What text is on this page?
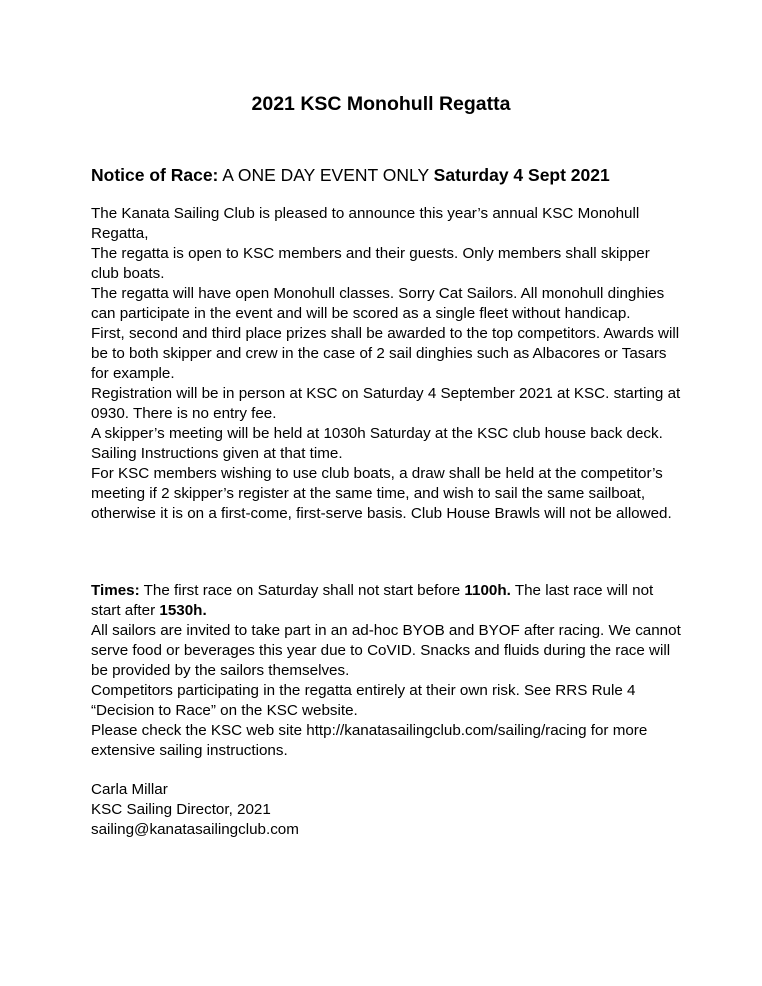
2021 KSC Monohull Regatta

Notice of Race: A ONE DAY EVENT ONLY Saturday 4 Sept 2021

The Kanata Sailing Club is pleased to announce this year’s annual KSC Monohull Regatta,

The regatta is open to KSC members and their guests. Only members shall skipper club boats.

The regatta will have open Monohull classes. Sorry Cat Sailors. All monohull dinghies can participate in the event and will be scored as a single fleet without handicap.

First, second and third place prizes shall be awarded to the top competitors. Awards will be to both skipper and crew in the case of 2 sail dinghies such as Albacores or Tasars for example.

Registration will be in person at KSC on Saturday 4 September 2021 at KSC. starting at 0930. There is no entry fee.

A skipper’s meeting will be held at 1030h Saturday at the KSC club house back deck. Sailing Instructions given at that time.

For KSC members wishing to use club boats, a draw shall be held at the competitor’s meeting if 2 skipper’s register at the same time, and wish to sail the same sailboat, otherwise it is on a first-come, first-serve basis. Club House Brawls will not be allowed.

Times: The first race on Saturday shall not start before 1100h. The last race will not start after 1530h.

All sailors are invited to take part in an ad-hoc BYOB and BYOF after racing. We cannot serve food or beverages this year due to CoVID. Snacks and fluids during the race will be provided by the sailors themselves.

Competitors participating in the regatta entirely at their own risk. See RRS Rule 4 “Decision to Race” on the KSC website.

Please check the KSC web site http://kanatasailingclub.com/sailing/racing for more extensive sailing instructions.

Carla Millar

KSC Sailing Director, 2021

sailing@kanatasailingclub.com
